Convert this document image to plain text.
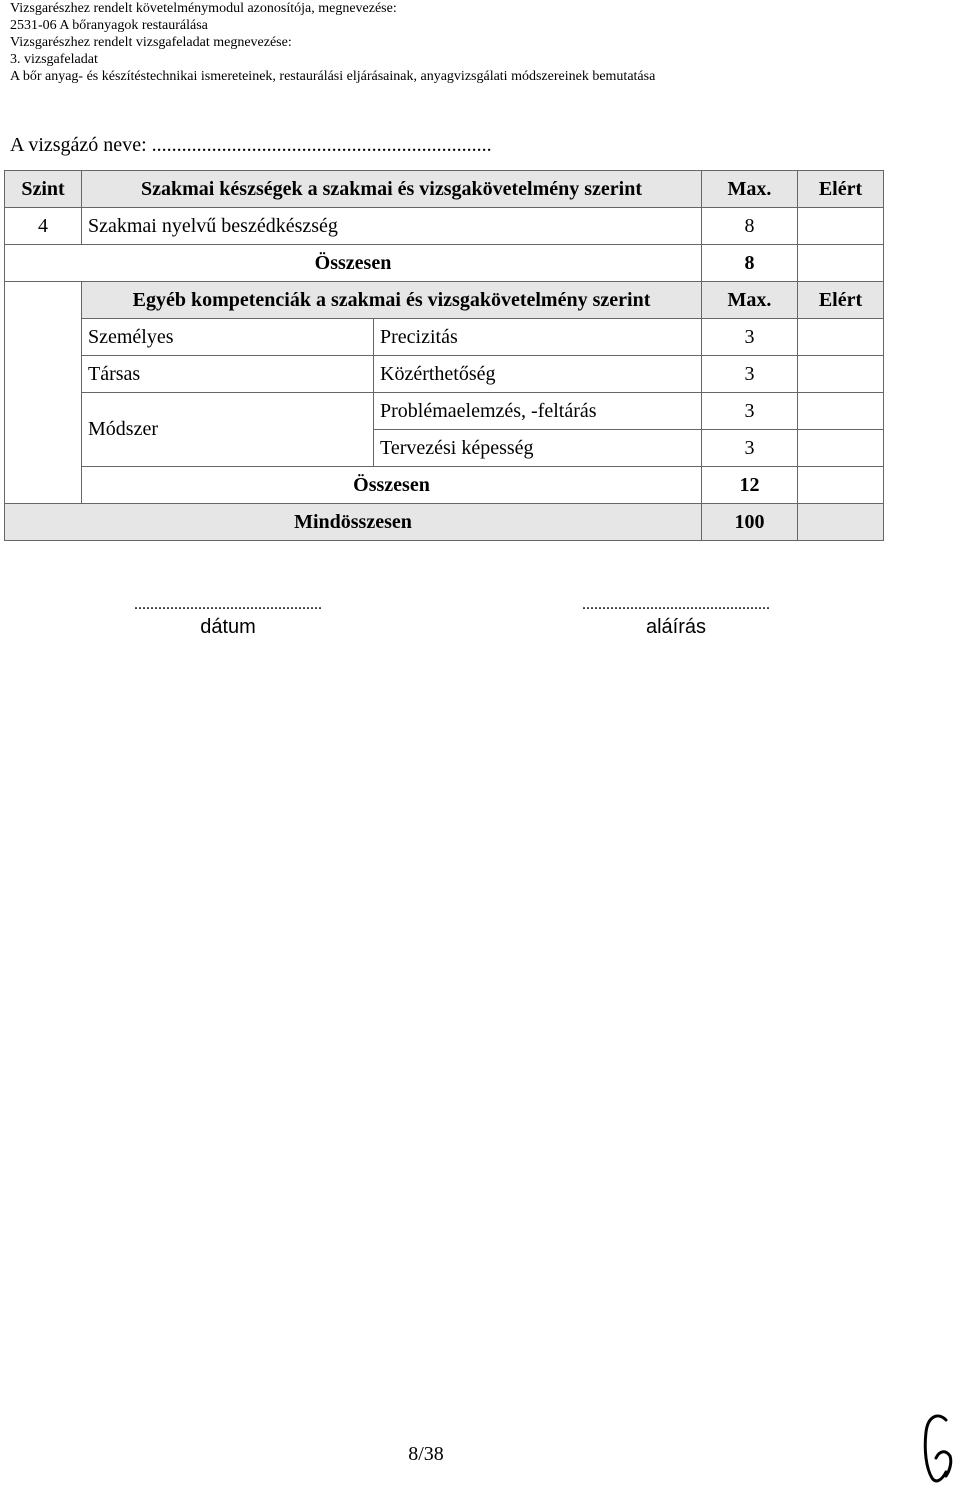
Vizsgarészhez rendelt követelménymodul azonosítója, megnevezése:
2531-06 A bőranyagok restaurálása
Vizsgarészhez rendelt vizsgafeladat megnevezése:
3. vizsgafeladat
A bőr anyag- és készítéstechnikai ismereteinek, restaurálási eljárásainak, anyagvizsgálati módszereinek bemutatása
A vizsgázó neve: ....................................................................
Szint	Szakmai készségek a szakmai és vizsgakövetelmény szerint		Max.	Elért
4	Szakmai nyelvű beszédkészség		8	
Összesen			8	
	Egyéb kompetenciák a szakmai és vizsgakövetelmény szerint		Max.	Elért
	Személyes	Precizitás	3	
	Társas	Közérthetőség	3	
	Módszer	Problémaelemzés, -feltárás	3	
		Tervezési képesség	3	
	Összesen		12	
Mindösszesen			100	
...............................................
dátum
...............................................
aláírás
8/38
